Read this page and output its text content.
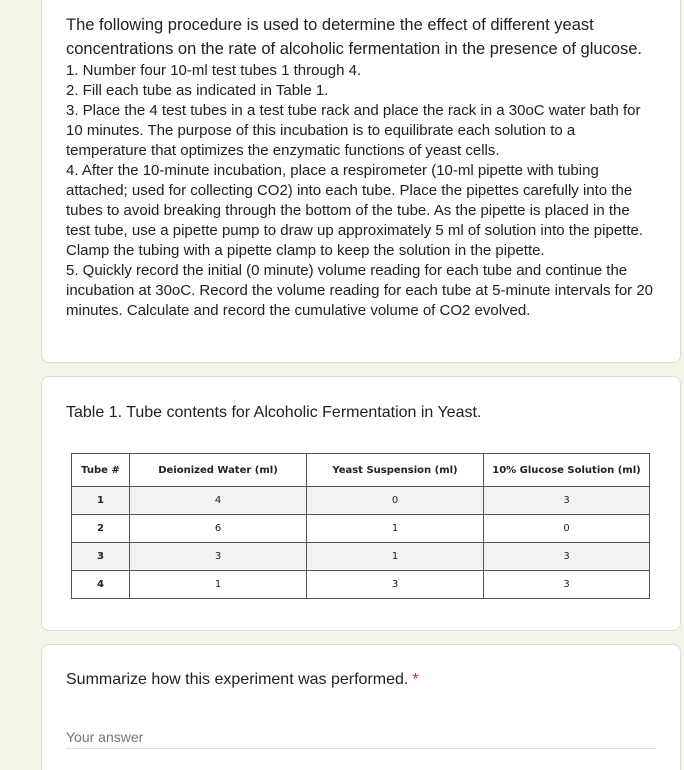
The following procedure is used to determine the effect of different yeast

concentrations on the rate of alcoholic fermentation in the presence of glucose.

1. Number four 10-ml test tubes 1 through 4.

2. Fill each tube as indicated in Table 1.

3. Place the 4 test tubes in a test tube rack and place the rack in a 30oC water bath for

10 minutes. The purpose of this incubation is to equilibrate each solution to a

temperature that optimizes the enzymatic functions of yeast cells.

4. After the 10-minute incubation, place a respirometer (10-ml pipette with tubing

attached; used for collecting CO2) into each tube. Place the pipettes carefully into the

tubes to avoid breaking through the bottom of the tube. As the pipette is placed in the

test tube, use a pipette pump to draw up approximately 5 ml of solution into the pipette.

Clamp the tubing with a pipette clamp to keep the solution in the pipette.

5. Quickly record the initial (0 minute) volume reading for each tube and continue the

incubation at 30oC. Record the volume reading for each tube at 5-minute intervals for 20

minutes. Calculate and record the cumulative volume of CO2 evolved.

Table 1. Tube contents for Alcoholic Fermentation in Yeast.
Tube #	Deionized Water (ml)	Yeast Suspension (ml)	10% Glucose Solution (ml)
1	4	0	3
2	6	1	0
3	3	1	3
4	1	3	3
Summarize how this experiment was performed. *
Your answer
